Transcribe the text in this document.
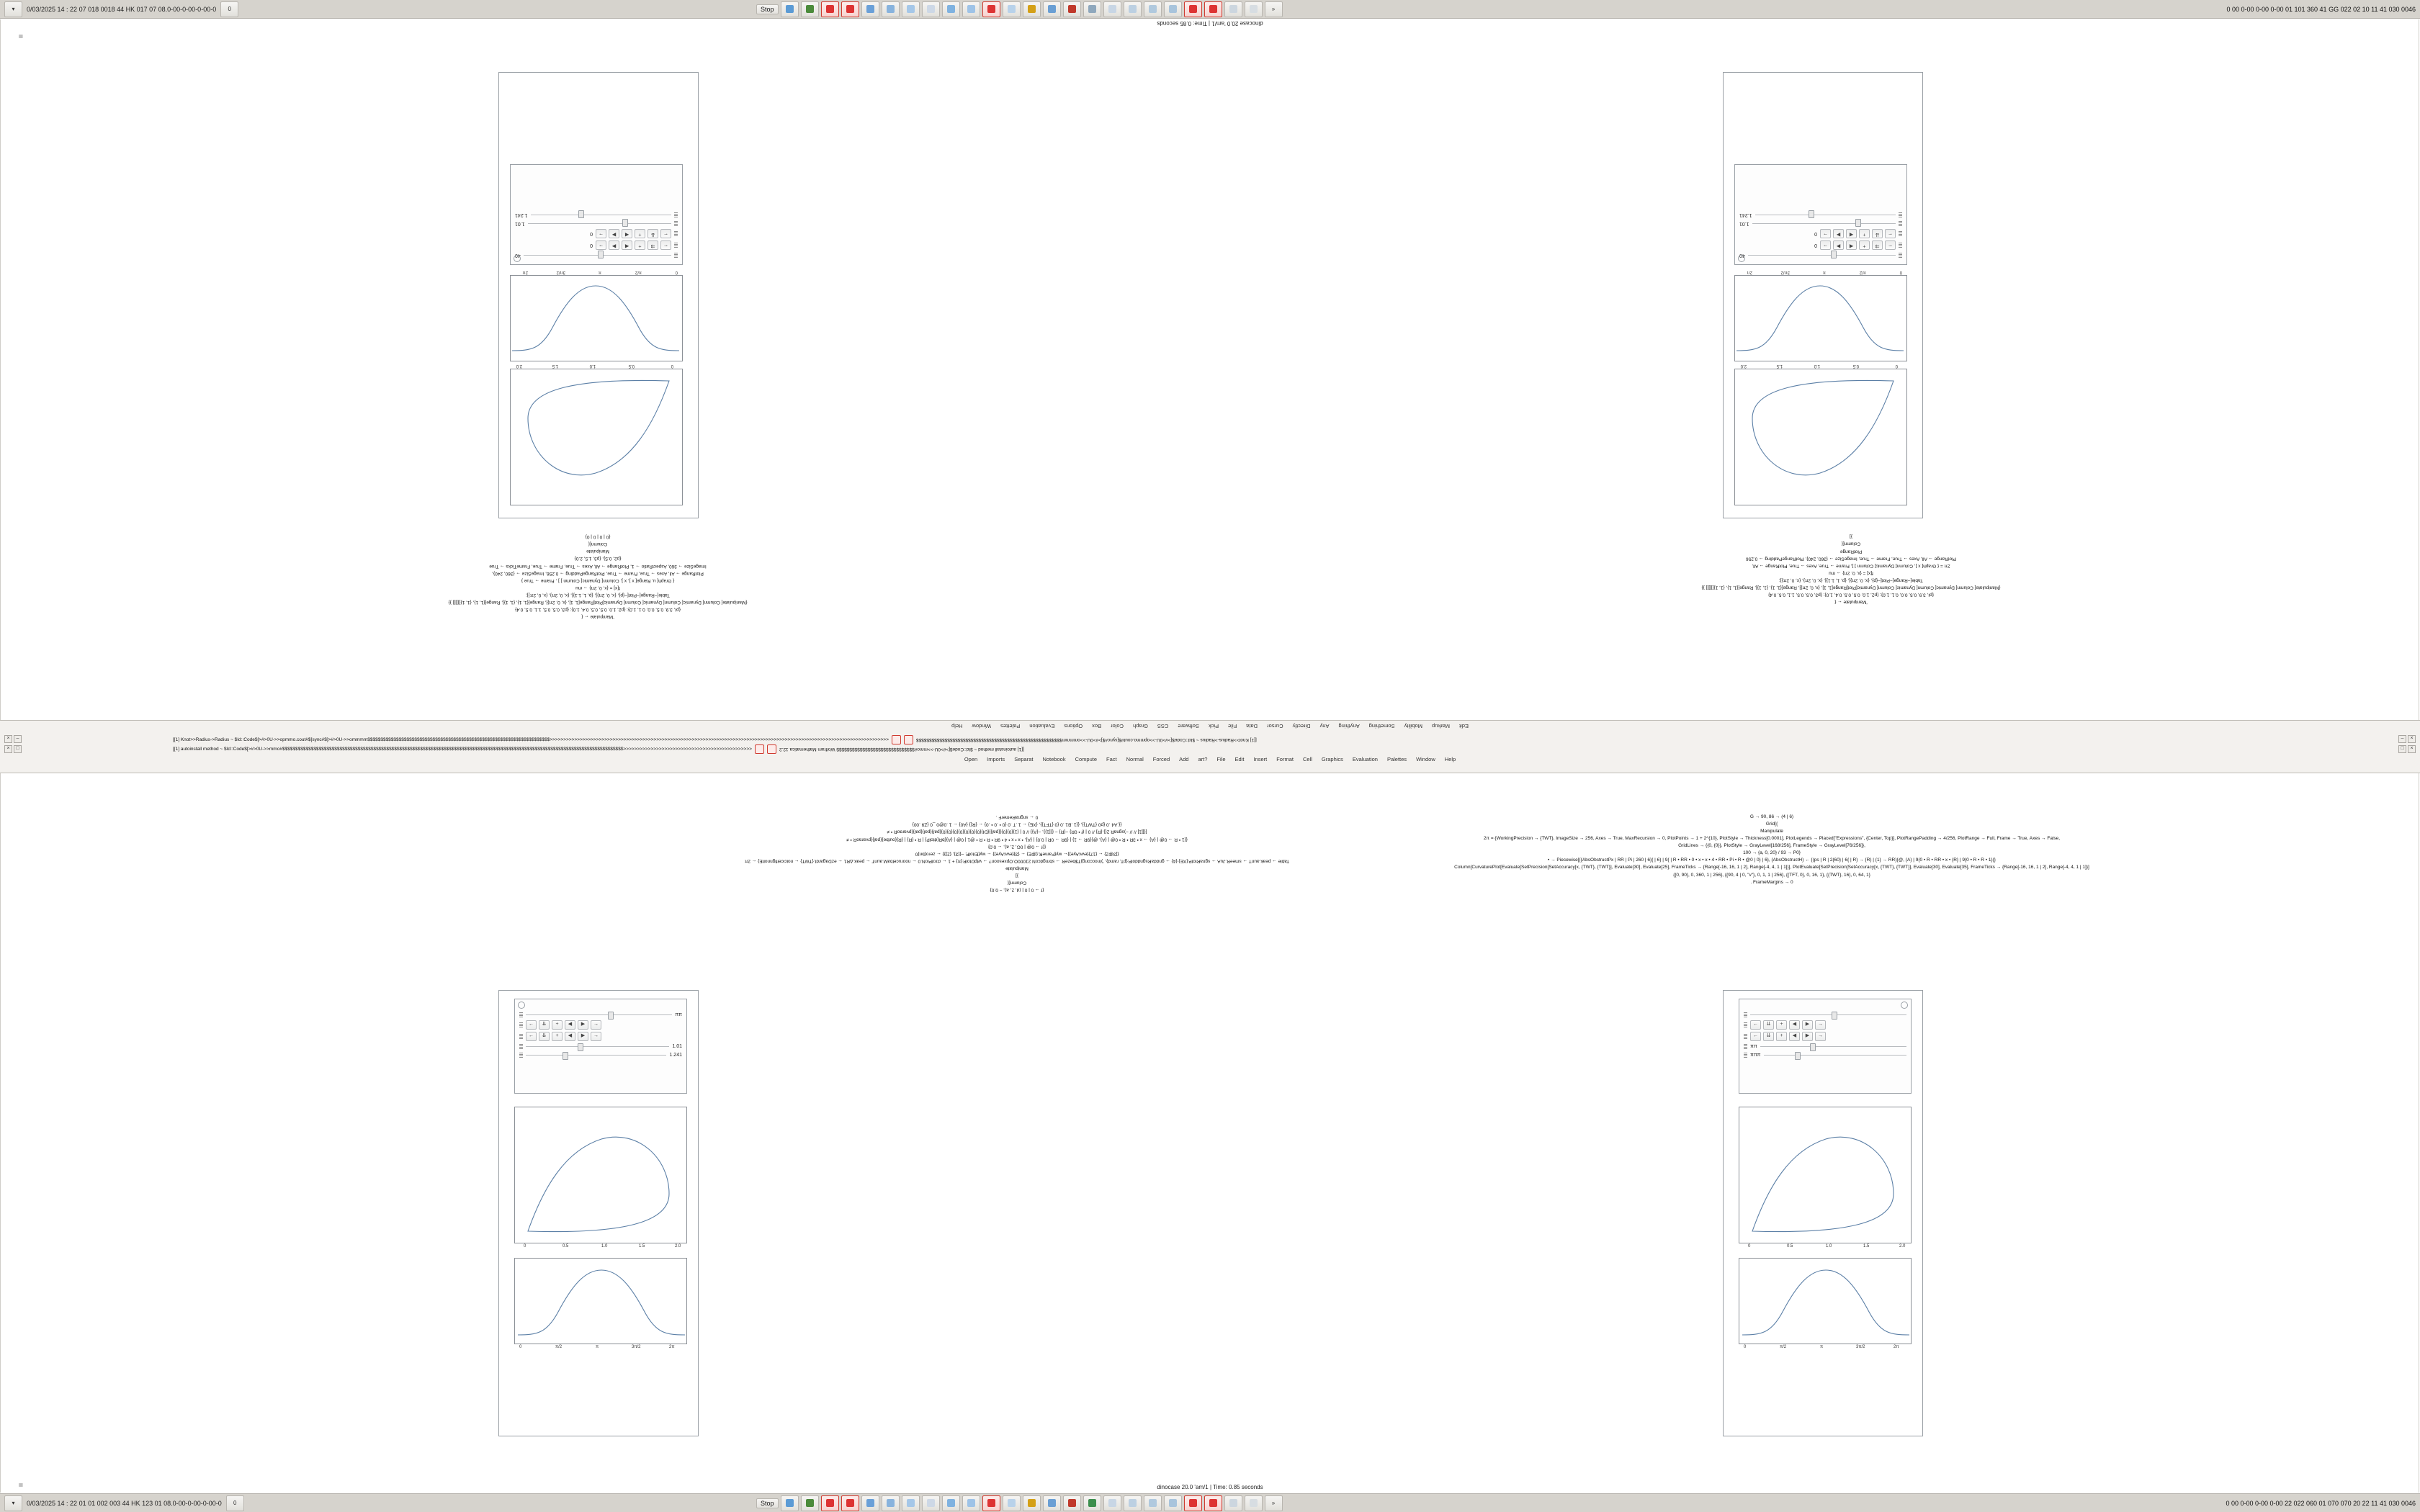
▾	0/03/2025 14 : 22 07 018 0018 44 HK 017 07 08.0-00-0-00-0-00-0	0	Stop

	»	0 00 0-00 0-00 0-00 01 101 360 41 GG 022 02 10 11 41 030 0046
dinocase 20.0 'am/1 | Time: 0.85 seconds
ΙΙΙ
ΙΙΙ
0
0.5
1.0
1.5
2.0
0
π/2
π
3π/2
2π
40
←
⇉
+
◀
▶
→
0
←
⇊
+
◀
▶
→
0
1.01
1.241
ʻManipulate ← {
{pI, 3.9, 0.5, 0.0, 0.1, 1.0}; {p2, 1.0, 0.5, 0.5, 0.4, 1.0}; {p3, 0.5, 0.5, 1.1, 0.5, 0.4}
{Manipulate[ Column[ Dynamic[ Column[ Dynamic[ Column[ Dynamic[Plot[Range[1, 1], {x, 0, 2π}], Range[{1, 1}, {1, 1}], Range[{1, 1}, {1, 1}]]]]]] }}
Table[−Range[−Plot[−{p}, {x, 0, 2π}], {p, 1, 1.1}], {x, 0, 2π}, {x, 0, 2π}];
f[x] = {x, 0, 2π} → mu
{ Graph[ u, Range[ x ], x ], Column[ Dynamic[ Column ] ] , Frame → True }
PlotRange → All, Axes → True, Frame → True, PlotRangePadding → 0.256, ImageSize → {360, 240},
ImageSize → 360, AspectRatio → 1, PlotRange → All, Axes → True, Frame → True, FrameTicks → True
{p2, 0.5}, {p3, 1.5, 2.0}
Manipulate
Column[{
{0 | 0 | 0 | 0}
0
0.5
1.0
1.5
2.0
0
π/2
π
3π/2
2π
40
←
⇉
+
◀
▶
→
0
←
⇊
+
◀
▶
→
0
1.01
1.241
ʻManipulate ← {
{pI, 3.9, 0.5, 0.0, 0.1, 1.0}; {p2, 1.0, 0.5, 0.5, 0.4, 1.0}; {p3, 0.5, 0.5, 1.1, 0.5, 0.4}
{Manipulate[ Column[ Dynamic[ Column[ Dynamic[ Column[ Dynamic[Plot[Range[1, 1], {x, 0, 2π}], Range[{1, 1}, {1, 1}], Range[{1, 1}, {1, 1}]]]]]] }}
Table[−Range[−Plot[−{p}, {x, 0, 2π}], {p, 1, 1.1}], {x, 0, 2π}, {x, 0, 2π}];
f[x] = {x, 0, 2π} → mu
2π = { Graph[ x ], Column[ Dynamic[ Column ] ], Frame → True, Axes → True, PlotRange → All,
PlotRange → All, Axes → True, Frame → True, ImageSize → {360, 240}, PlotRangePadding → 0.256
PlotRange
Column[{
}]
Edit
Markup
Mobility
Something
Anything
Any
Directly
Cursor
Data
File
Pick
Software
CSS
Graph
Color
Box
Options
Evaluation
Palettes
Window
Help
[[1] Knot>>Radius->Radius ~ $Id::Code$[>#>0U->>opmmo.cout#$[sync#$]>#>0U->>ommmm$$$$$$$$$$$$$$$$$$$$$$$$$$$$$$$$$$$$$$$$$$$$$$$$$$$$$$$$$$$$$$$$$$$$$$>>>>>>>>>>>>>>>>>>>>>>>>>>>>>>>>>>>>>>>>>>>>>>>>>>>>>>>>>>>>>>>>>>>>>>>>>>>>>>>>>>>>>>>>>>>>>>>>>>>>>>>>>>>>>>>>>>>>>>>>>>>>	[[1] Knot>>Radius->Radius ~ $Id::Code$[>#>0U->>opmmo.cout#$[sync#$]>#>0U->>ommmm$$$$$$$$$$$$$$$$$$$$$$$$$$$$$$$$$$$$$$$$$$$$$$$$$$$$$$$$
[[1] autoinstall method ~ $Id::Code$[>#>0U->>mmo#$$$$$$$$$$$$$$$$$$$$$$$$$$$$$$$$$$$$$$$$$$$$$$$$$$$$$$$$$$$$$$$$$$$$$$$$$$$$$$$$$$$$$$$$$$$$$$$$$$$$$$$$$$$$$$$$$$$$$$$$$$$$$$$$$$$>>>>>>>>>>>>>>>>>>>>>>>>>>>>>>>>>>>>>>>>>>>>>>>	[[1] autoinstall method ~ $Id::Code$[>#>0U->>mmo#$$$$$$$$$$$$$$$$$$$$$$$$$$$$$$ Wolfram Mathematica 12.2
Open Imports Separat Notebook Compute Fact Normal Forced Add art? File Edit Insert Format Cell Graphics Evaluation Palettes Window Help
×	–
×	□
–	×
□	×
{f → 0 | 0 | (d, 2, a), − 0.0}
Column[{
}]
Manipulate
Table → peak.aunT → smeeR.JuA → sgnaRtolP.{XE}.{4} → gnddaRsgnddolP.{pT, ramd}, ′)Inoccong)T$bezeR → sbmgdcoN 21000O.Opxesoon? → wlpDtolP.{π} + 1 ← ctrolPioN.0 ← noorucelbaM.aunT ← peak.ΔR1 ← ezDagardI.{TWT} ← noiciceifignnoitE} ← 2π
{[3@2} ← {17}{ewcAye}}← wy{FameR.{@E} ← {3}{ewcAye}} ← wy{EitolP, −{{3}, {2}}} ← zero{bn}0
{(f → 0@ | 0G, 2, a), ← 0.0}
{{1 • R → 0@ | {A} → x • 3R • R • 0@ | {A}, @}{9R → 1} | {9R → 0R | 0.0} | {A}, • x • x • 4 • 9R • R • R • @1 | 0@ | {A}{bR{dtolP} | R • {R} | {R}{outbe}{pal}{pvaraoR • ≠
[{[[1] // // −)sgnaR 2{}.{R} // 0 | (f • 0R} −{R} − {{[1}}, −{A}} // 0 | {1}{0}{0}{{pal}}{DI}{0}{0}{0}{0}{0}{0}{0}{pal}{pal}{pal}{pvaraoR • ≠
{{.A4 .0 {p0 {TWT}}, {{1 .B1 .0 {0 {TFT}}, {XE} ← 1 .T .0 {0 • .0 • .0} ← {R{} {A0} ← 1 .0@0 _0 {Z9 .00}
0 ← sngnaRemerF .
ππ
←	⇊	+	◀	▶	→
←	⇊	+	◀	▶	→
1.01
1.241
0	0.5	1.0	1.5	2.0
0	π/2	π	3π/2	2π
G → 90, 86 → (4 | 6)
Grid[{
Manipulate
2π = {WorkingPrecision → {TWT}, ImageSize → 256, Axes → True, MaxRecursion → 0, PlotPoints → 1 + 2^{10}, PlotStyle → Thickness[0.0001], PlotLegends → Placed["Expressions", {Center, Top}], PlotRangePadding → 4/256, PlotRange → Full, Frame → True, Axes → False,
GridLines → {{0, {0}}, PlotStyle → GrayLevel[168/256], FrameStyle → GrayLevel[76/256]},
100 → {a, 0, 20} / 93 → P0}
• → Piecewise[{{AbsObstructPx | RR | Pi | 260 | 6}{ | 6} | 9{ | R • RR • 0 • x • x • 4 • RR • Pi • R • @0 | 0} | 6}, {AbsObstructH} ← {(ps | R | 2{60} | 6{ | R} → {R} | {1} → RR}{@, {A} | 9{0 • R • RR • x • {R} | 9{0 • R • R • 1}{}
Column[CurvaturePlot[Evaluate[SetPrecision[SetAccuracy[x, {TWT}, {TWT}], Evaluate[30], Evaluate[25], FrameTicks → {Range[-16, 16, 1 | 2], Range[-4, 4, 1 | 1]}], PlotEvaluate[SetPrecision[SetAccuracy[x, {TWT}, {TWT}], Evaluate[30], Evaluate[35], FrameTicks → {Range[-16, 16, 1 | 2], Range[-4, 4, 1 | 1]}]
{{0, 90}, 0, 360, 1 | 256}, {{90, 4 | 0, "v"}, 0, 1, 1 | 256}, {{TFT, 0}, 0, 16, 1}, {{TWT}, 16}, 0, 64, 1}
. FrameMargins → 0
←	⇊	+	◀	▶	→
←	⇊	+	◀	▶	→
ππ
πππ
0	0.5	1.0	1.5	2.0
0	π/2	π	3π/2	2π
dinocase 20.0 'am/1 | Time: 0.85 seconds
▾	0/03/2025 14 : 22 01 01 002 003 44 HK 123 01 08.0-00-0-00-0-00-0	0	Stop	»	0 00 0-00 0-00 0-00 22 022 060 01 070 070 20 22 11 41 030 0046
